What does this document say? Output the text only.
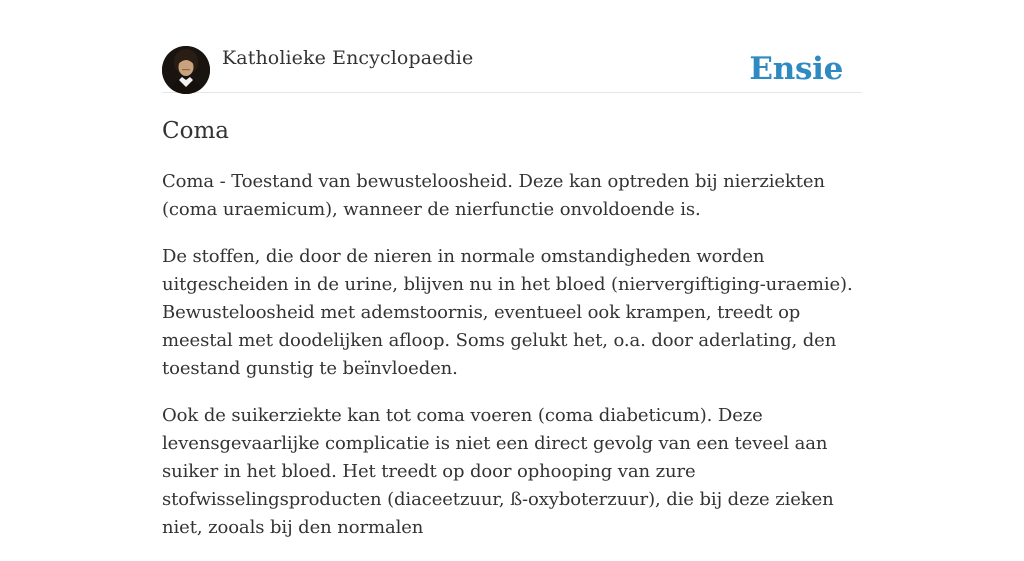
Katholieke Encyclopaedie	Ensie
Coma

Coma - Toestand van bewusteloosheid. Deze kan optreden bij nierziekten (coma uraemicum), wanneer de nierfunctie onvoldoende is.

De stoffen, die door de nieren in normale omstandigheden worden uitgescheiden in de urine, blijven nu in het bloed (niervergiftiging-uraemie). Bewusteloosheid met ademstoornis, eventueel ook krampen, treedt op meestal met doodelijken afloop. Soms gelukt het, o.a. door aderlating, den toestand gunstig te beïnvloeden.

Ook de suikerziekte kan tot coma voeren (coma diabeticum). Deze levensgevaarlijke complicatie is niet een direct gevolg van een teveel aan suiker in het bloed. Het treedt op door ophooping van zure stofwisselingsproducten (diaceetzuur, ß-oxyboterzuur), die bij deze zieken niet, zooals bij den normalen
